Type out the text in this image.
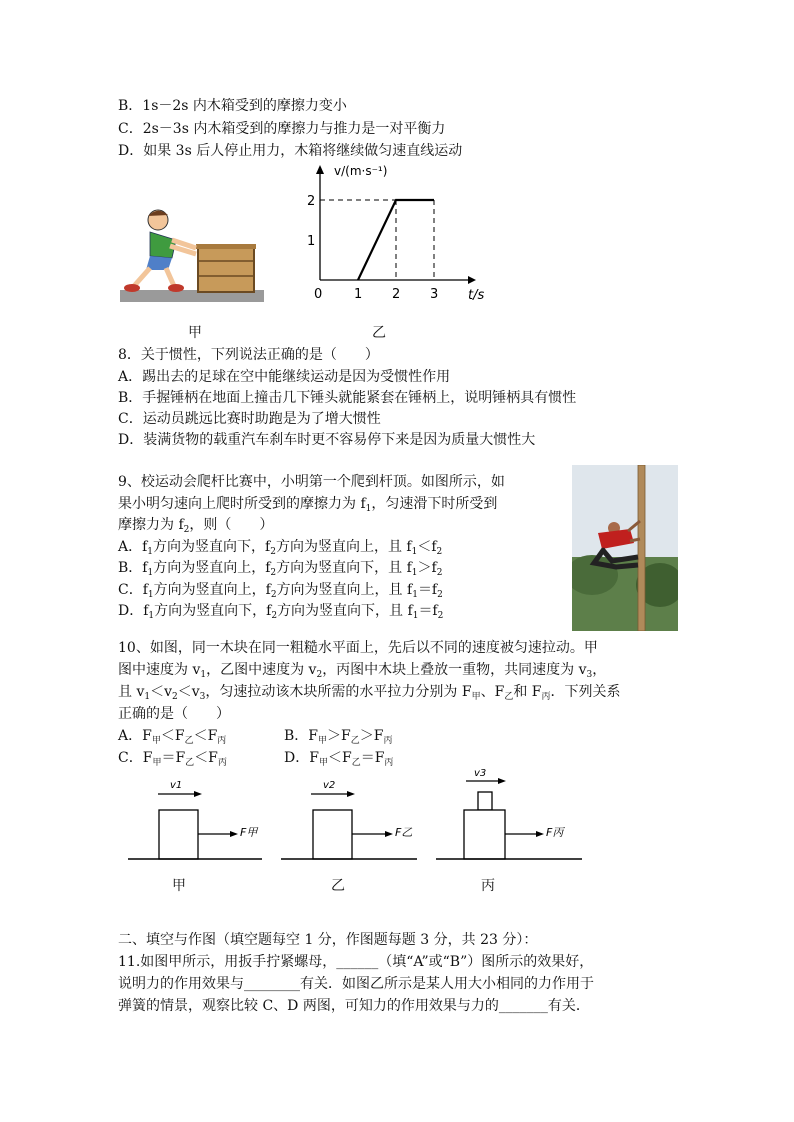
B．1s－2s 内木箱受到的摩擦力变小
C．2s－3s 内木箱受到的摩擦力与推力是一对平衡力
D．如果 3s 后人停止用力，木箱将继续做匀速直线运动
v/(m·s⁻¹)
t/s
0 1 2 3
1
2
甲	乙
8．关于惯性，下列说法正确的是（　　）
A．踢出去的足球在空中能继续运动是因为受惯性作用
B．手握锤柄在地面上撞击几下锤头就能紧套在锤柄上，说明锤柄具有惯性
C．运动员跳远比赛时助跑是为了增大惯性
D．装满货物的载重汽车刹车时更不容易停下来是因为质量大惯性大
9、校运动会爬杆比赛中，小明第一个爬到杆顶。如图所示，如
果小明匀速向上爬时所受到的摩擦力为 $f_1$，匀速滑下时所受到
摩擦力为 $f_2$，则（　　）
A．$f_1$方向为竖直向下，$f_2$方向为竖直向上，且 $f_1<f_2$
B．$f_1$方向为竖直向上，$f_2$方向为竖直向下，且 $f_1>f_2$
C．$f_1$方向为竖直向上，$f_2$方向为竖直向上，且 $f_1=f_2$
D．$f_1$方向为竖直向下，$f_2$方向为竖直向下，且 $f_1=f_2$
10、如图，同一木块在同一粗糙水平面上，先后以不同的速度被匀速拉动。甲
图中速度为 $v_1$，乙图中速度为 $v_2$，丙图中木块上叠放一重物，共同速度为 $v_3$，
且 $v_1<v_2<v_3$，匀速拉动该木块所需的水平拉力分别为 $F_甲$、$F_乙$和 $F_丙$．下列关系
正确的是（　　）
A．$F_甲<F_乙<F_丙$	B．$F_甲>F_乙>F_丙$
C．$F_甲=F_乙<F_丙$	D．$F_甲<F_乙=F_丙$
v1
F甲
v2
F乙
v3
F丙
甲	乙	丙
二、填空与作图（填空题每空 1 分，作图题每题 3 分，共 23 分）：
11.如图甲所示，用扳手拧紧螺母，______（填“A”或“B”）图所示的效果好，
说明力的作用效果与________有关．如图乙所示是某人用大小相同的力作用于
弹簧的情景，观察比较 C、D 两图，可知力的作用效果与力的_______有关．
